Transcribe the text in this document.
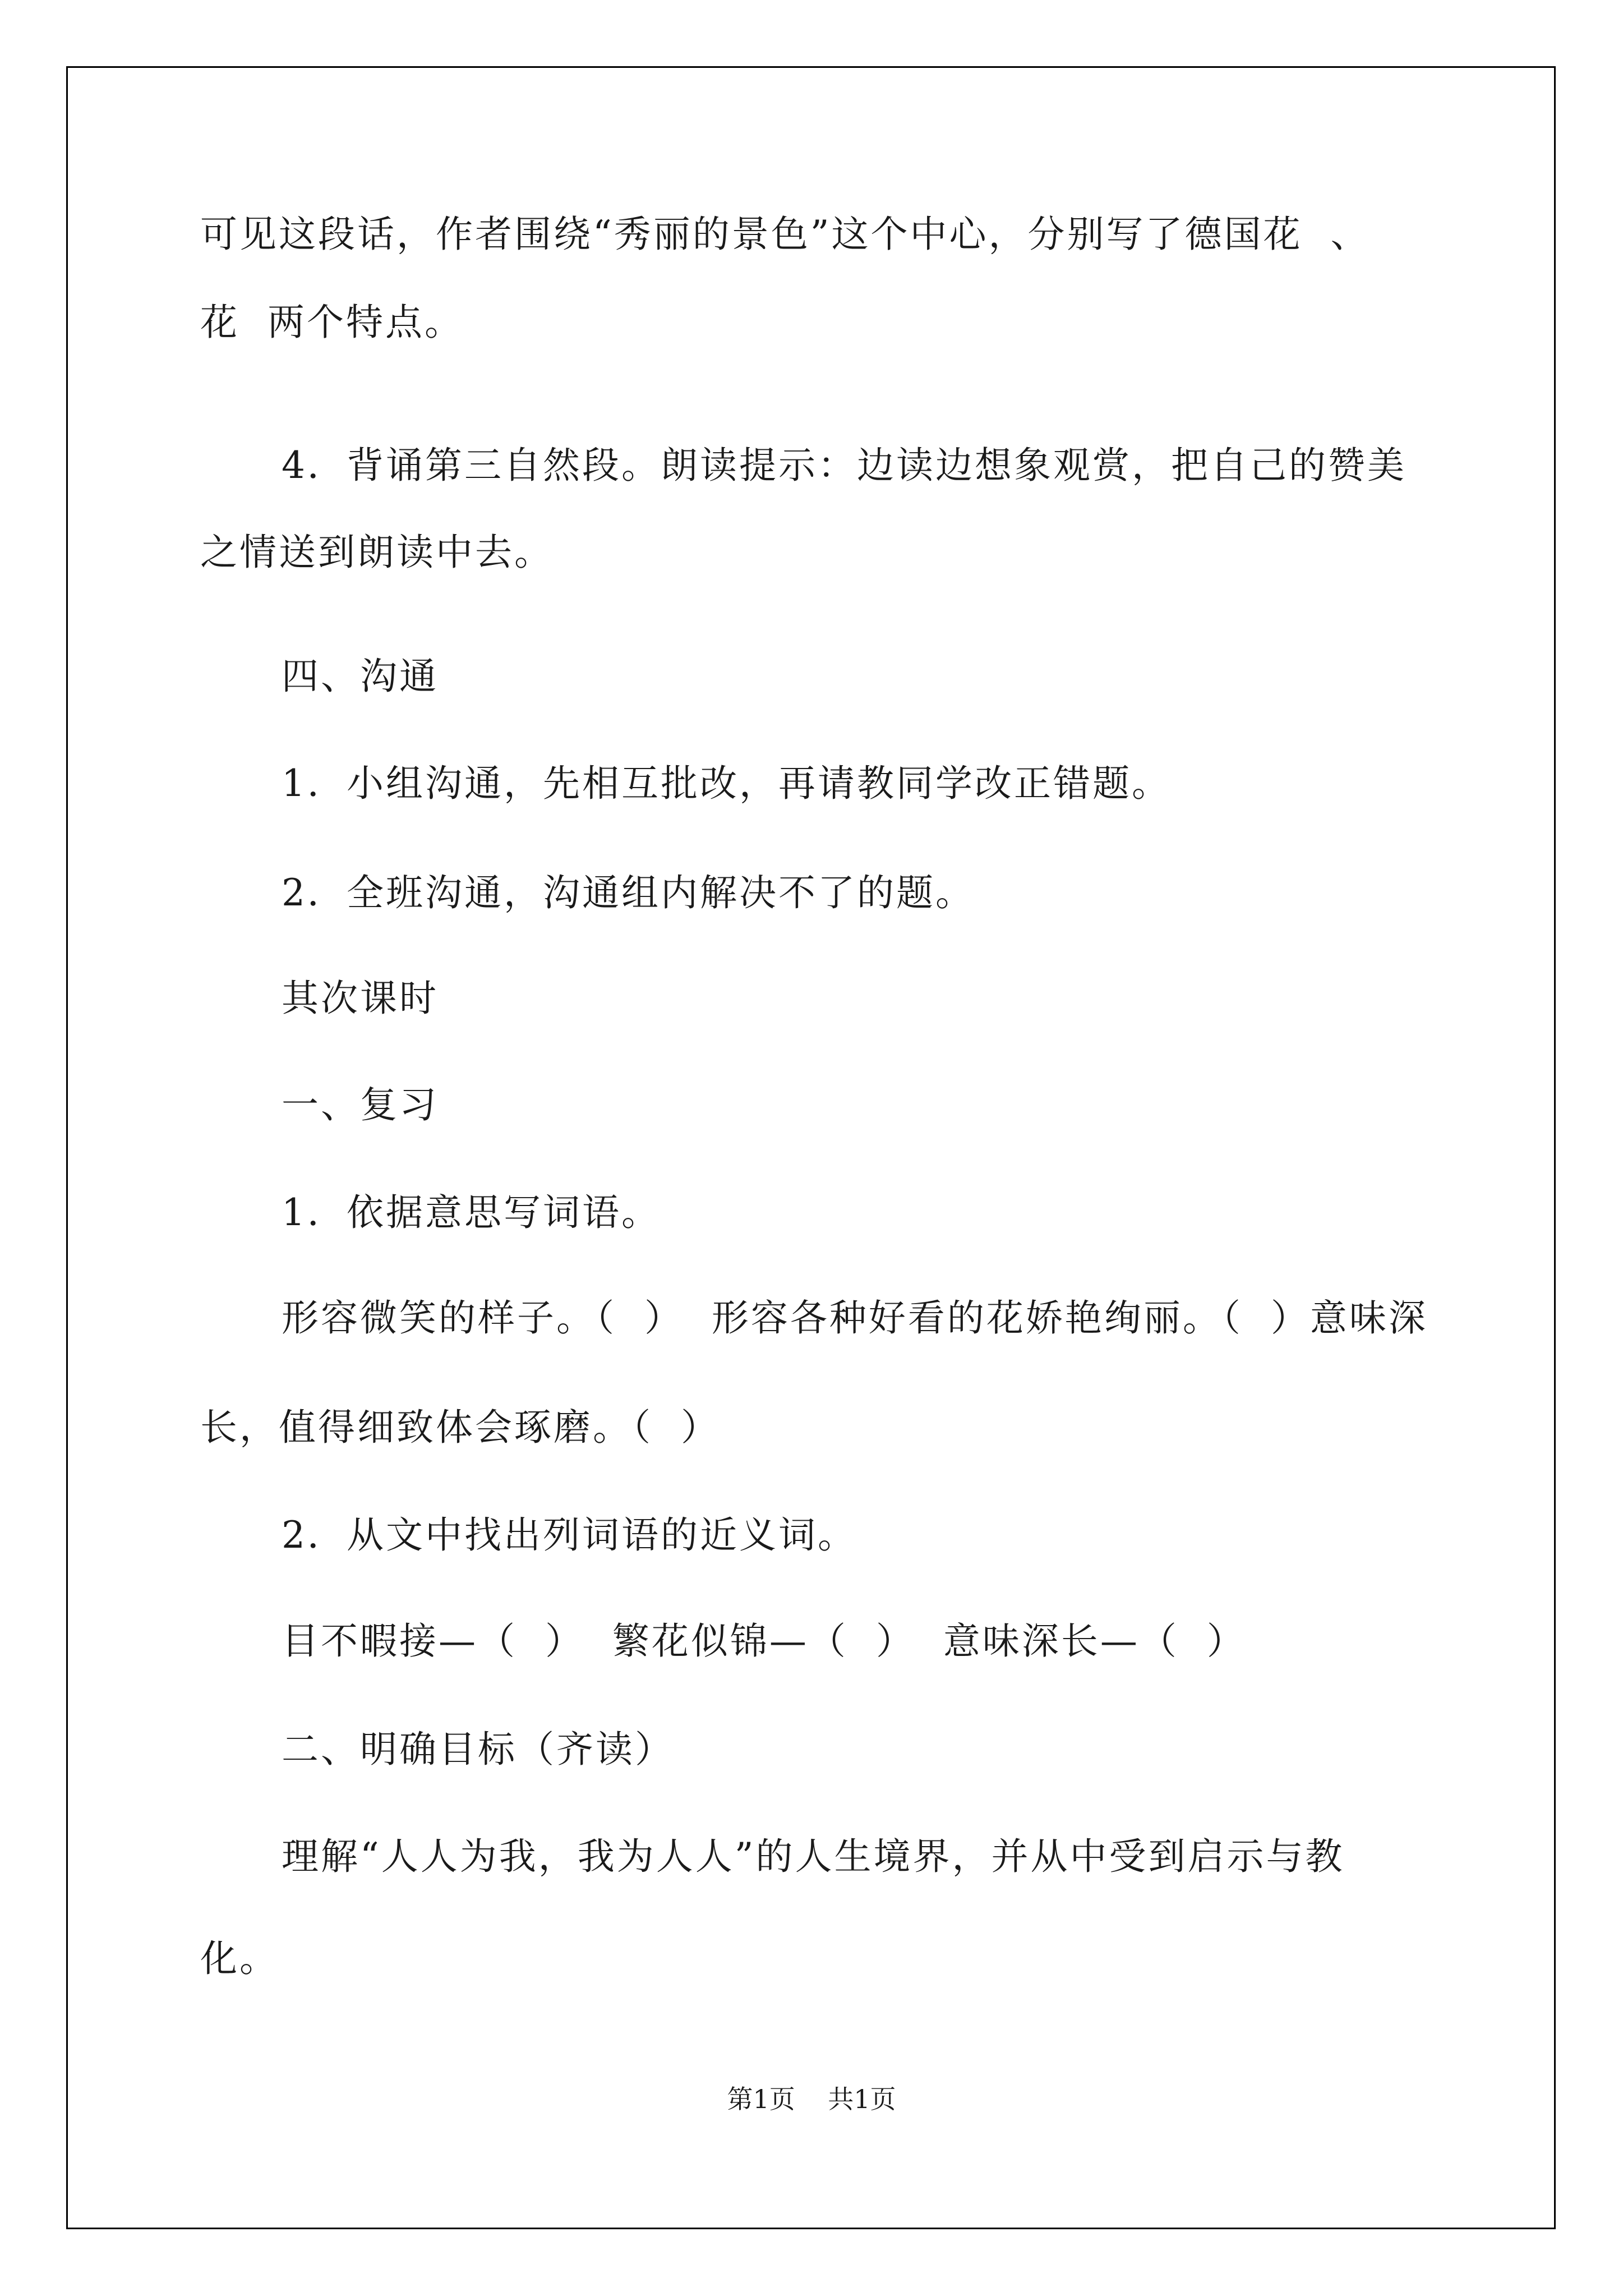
可见这段话，作者围绕“秀丽的景色”这个中心，分别写了德国花  、
花  两个特点。
4．背诵第三自然段。朗读提示：边读边想象观赏，把自己的赞美
之情送到朗读中去。
四、沟通
1．小组沟通，先相互批改，再请教同学改正错题。
2．全班沟通，沟通组内解决不了的题。
其次课时
一、复习
1．依据意思写词语。
形容微笑的样子。（  ）  形容各种好看的花娇艳绚丽。（  ）意味深
长，值得细致体会琢磨。（  ）
2．从文中找出列词语的近义词。
目不暇接—（  ）  繁花似锦—（  ）  意味深长—（  ）
二、明确目标（齐读）
理解“人人为我，我为人人”的人生境界，并从中受到启示与教
化。
第1页    共1页
